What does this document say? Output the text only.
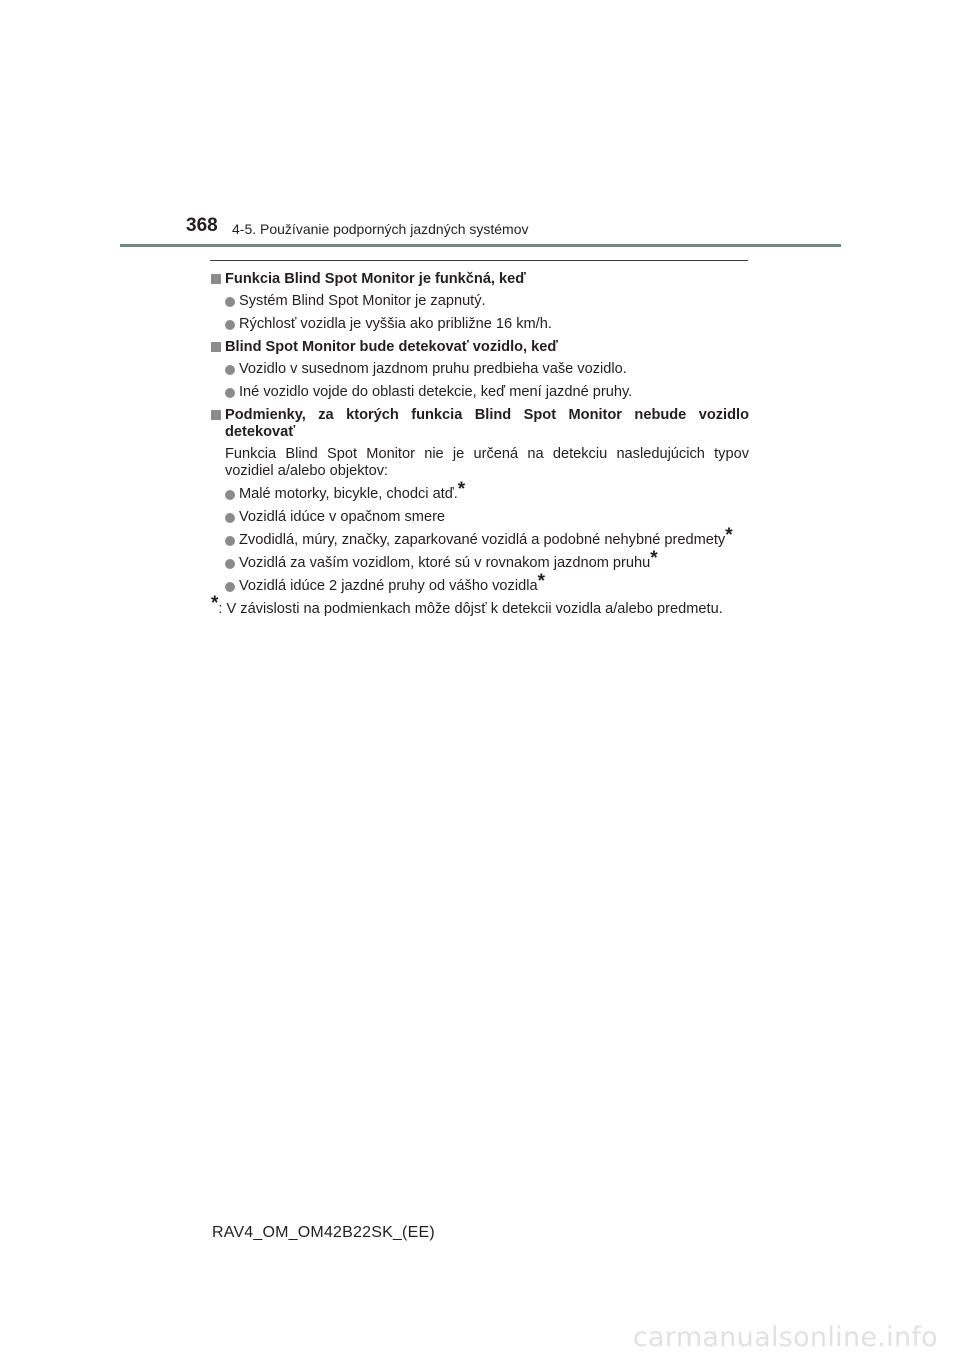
368 4-5. Používanie podporných jazdných systémov
Funkcia Blind Spot Monitor je funkčná, keď
Systém Blind Spot Monitor je zapnutý.
Rýchlosť vozidla je vyššia ako približne 16 km/h.
Blind Spot Monitor bude detekovať vozidlo, keď
Vozidlo v susednom jazdnom pruhu predbieha vaše vozidlo.
Iné vozidlo vojde do oblasti detekcie, keď mení jazdné pruhy.
Podmienky, za ktorých funkcia Blind Spot Monitor nebude vozidlo detekovať
Funkcia Blind Spot Monitor nie je určená na detekciu nasledujúcich typov vozidiel a/alebo objektov:
Malé motorky, bicykle, chodci atď.*
Vozidlá idúce v opačnom smere
Zvodidlá, múry, značky, zaparkované vozidlá a podobné nehybné predmety*
Vozidlá za vaším vozidlom, ktoré sú v rovnakom jazdnom pruhu*
Vozidlá idúce 2 jazdné pruhy od vášho vozidla*
*: V závislosti na podmienkach môže dôjsť k detekcii vozidla a/alebo predmetu.
RAV4_OM_OM42B22SK_(EE)
carmanualsonline.info
